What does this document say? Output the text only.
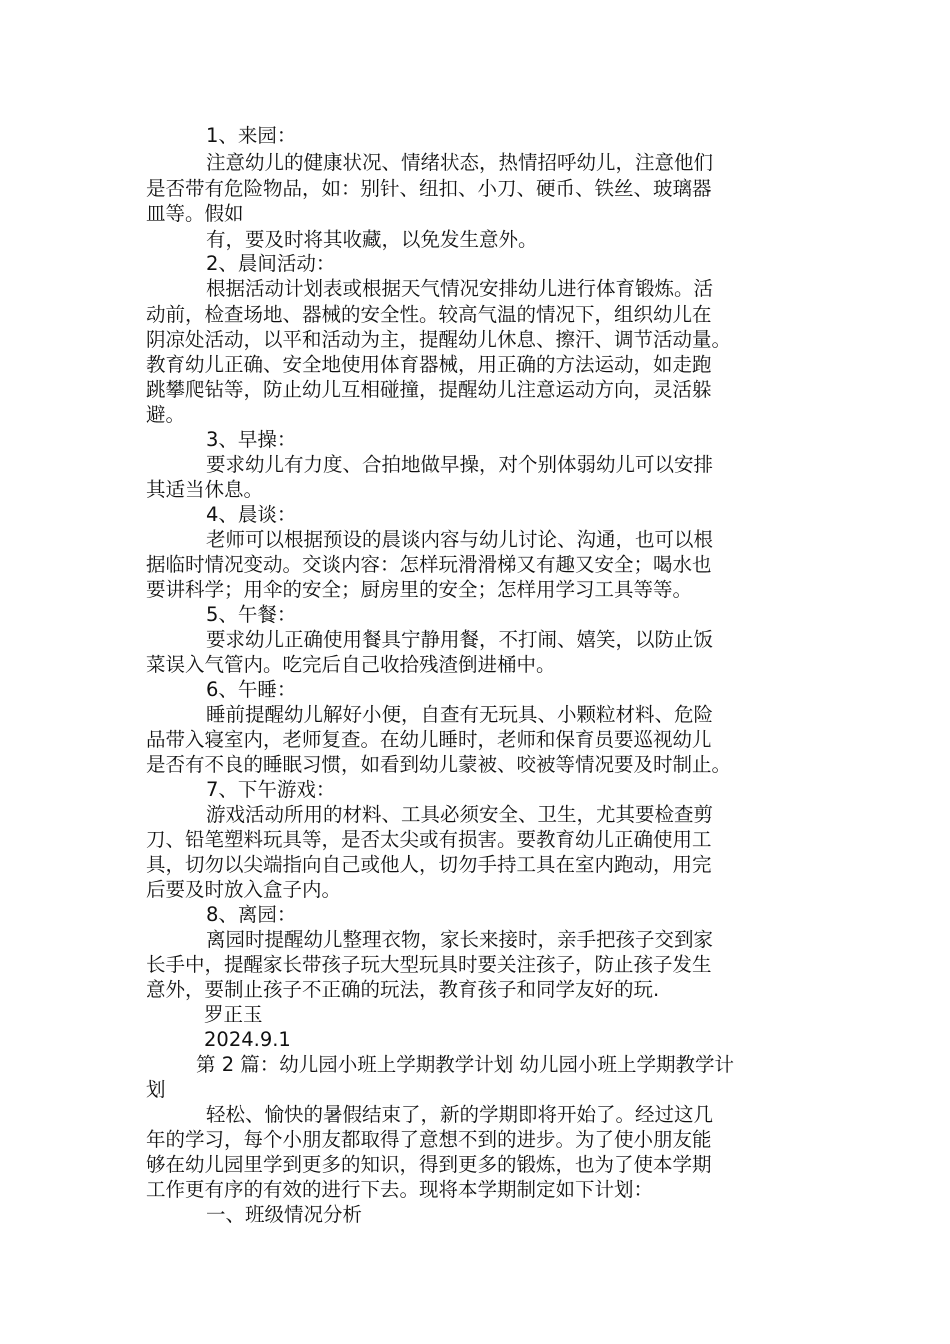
1、来园：
注意幼儿的健康状况、情绪状态，热情招呼幼儿，注意他们
是否带有危险物品，如：别针、纽扣、小刀、硬币、铁丝、玻璃器
皿等。假如
有，要及时将其收藏，以免发生意外。
2、晨间活动：
根据活动计划表或根据天气情况安排幼儿进行体育锻炼。活
动前，检查场地、器械的安全性。较高气温的情况下，组织幼儿在
阴凉处活动，以平和活动为主，提醒幼儿休息、擦汗、调节活动量。
教育幼儿正确、安全地使用体育器械，用正确的方法运动，如走跑
跳攀爬钻等，防止幼儿互相碰撞，提醒幼儿注意运动方向，灵活躲
避。
3、早操：
要求幼儿有力度、合拍地做早操，对个别体弱幼儿可以安排
其适当休息。
4、晨谈：
老师可以根据预设的晨谈内容与幼儿讨论、沟通，也可以根
据临时情况变动。交谈内容：怎样玩滑滑梯又有趣又安全；喝水也
要讲科学；用伞的安全；厨房里的安全；怎样用学习工具等等。
5、午餐：
要求幼儿正确使用餐具宁静用餐，不打闹、嬉笑，以防止饭
菜误入气管内。吃完后自己收拾残渣倒进桶中。
6、午睡：
睡前提醒幼儿解好小便，自查有无玩具、小颗粒材料、危险
品带入寝室内，老师复查。在幼儿睡时，老师和保育员要巡视幼儿
是否有不良的睡眠习惯，如看到幼儿蒙被、咬被等情况要及时制止。
7、下午游戏：
游戏活动所用的材料、工具必须安全、卫生，尤其要检查剪
刀、铅笔塑料玩具等，是否太尖或有损害。要教育幼儿正确使用工
具，切勿以尖端指向自己或他人，切勿手持工具在室内跑动，用完
后要及时放入盒子内。
8、离园：
离园时提醒幼儿整理衣物，家长来接时，亲手把孩子交到家
长手中，提醒家长带孩子玩大型玩具时要关注孩子，防止孩子发生
意外，要制止孩子不正确的玩法，教育孩子和同学友好的玩.
罗正玉
2024.9.1
第 2 篇：幼儿园小班上学期教学计划 幼儿园小班上学期教学计
划
轻松、愉快的暑假结束了，新的学期即将开始了。经过这几
年的学习，每个小朋友都取得了意想不到的进步。为了使小朋友能
够在幼儿园里学到更多的知识，得到更多的锻炼，也为了使本学期
工作更有序的有效的进行下去。现将本学期制定如下计划：
一、班级情况分析
